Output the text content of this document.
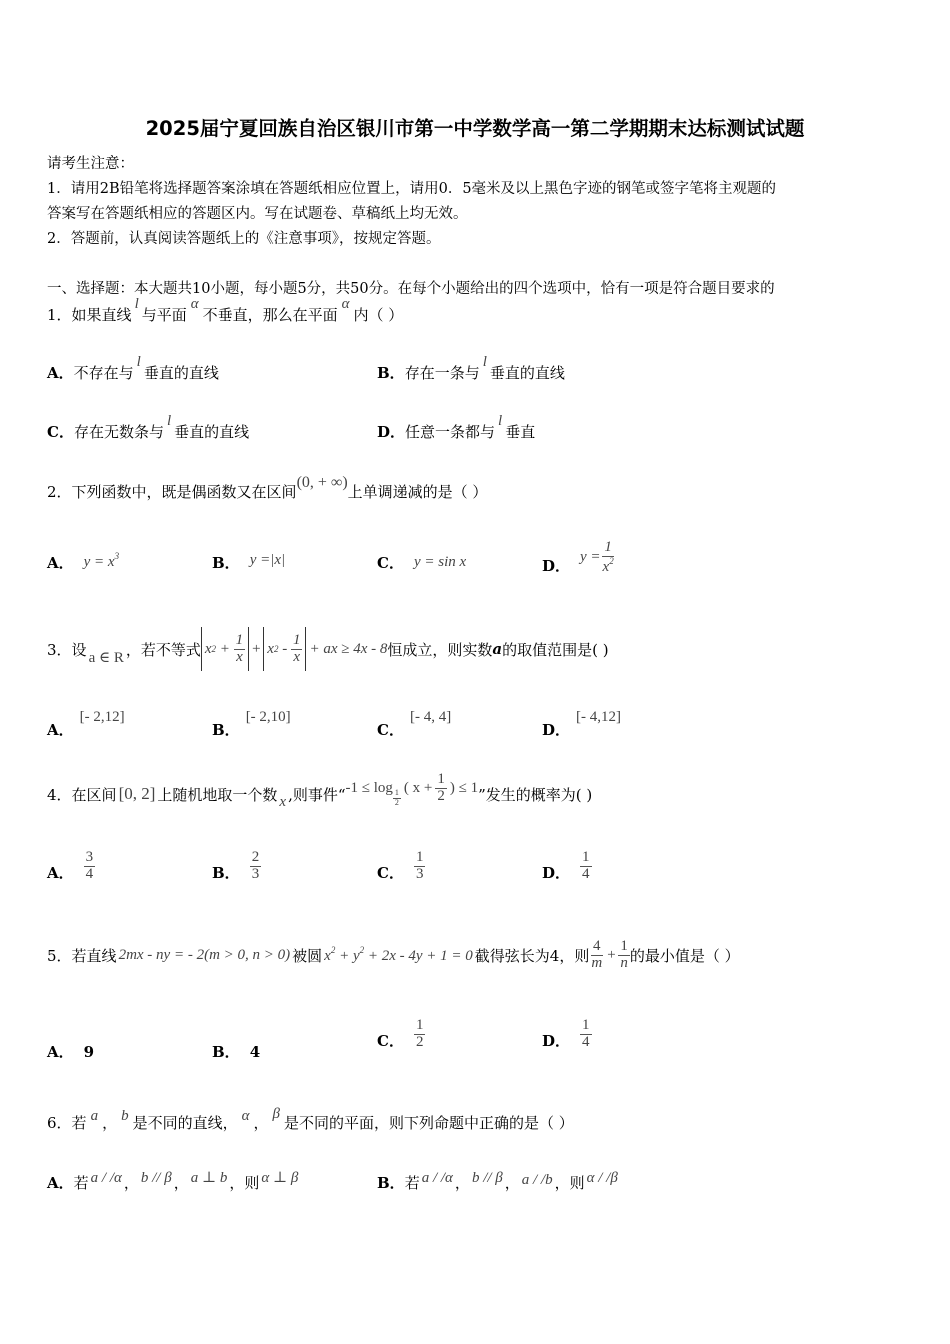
2025届宁夏回族自治区银川市第一中学数学高一第二学期期末达标测试试题
请考生注意：
1．请用2B铅笔将选择题答案涂填在答题纸相应位置上，请用0．5毫米及以上黑色字迹的钢笔或签字笔将主观题的
答案写在答题纸相应的答题区内。写在试题卷、草稿纸上均无效。
2．答题前，认真阅读答题纸上的《注意事项》，按规定答题。
一、选择题：本大题共10小题，每小题5分，共50分。在每个小题给出的四个选项中，恰有一项是符合题目要求的
1．如果直线l与平面α不垂直，那么在平面α内（ ）
A．不存在与l垂直的直线	B．存在一条与l垂直的直线
C．存在无数条与l垂直的直线	D．任意一条都与l垂直
2．下列函数中，既是偶函数又在区间(0, + ∞)上单调递减的是（ ）
A． $y = x^3$	B． y =|x|	C． y = sin x	D． $y = \frac{1}{x^2}$
3． 设 a ∈ R ，若不等式 x 2
+
$\frac{1}{x} + x$ 2
-
$\frac{1}{x}$ + ax ≥ 4x - 8 恒成立，则实数 a 的取值范围是( )
A．[- 2,12]
B．[- 2,10]
C．[- 4, 4]
D．[- 4,12]
4． 在区间 [0, 2] 上随机地取一个数 x ,则事件“ -1 ≤ log
$\frac{1}{2}$
( $x + \frac{1}{2}$ ) ≤ 1 ”发生的概率为( )
A． $\frac{3}{4}$	B． $\frac{2}{3}$	C． $\frac{1}{3}$	D． $\frac{1}{4}$
5． 若直线 2mx - ny = - 2(m > 0, n > 0) 被圆 $x^2 + y^2 + 2x - 4y + 1 = 0$ 截得弦长为4，则 $\frac{4}{m} + \frac{1}{n}$ 的最小值是（ ）
A． 9	B． 4
C． $\frac{1}{2}$	D． $\frac{1}{4}$
6．若 a ， b 是不同的直线， α ， β 是不同的平面，则下列命题中正确的是（ ）
A．若 a / /α ， b // β ， a ⊥ b ，则 α ⊥ β	B．若 a / /α ， b // β ， a / /b ，则 α / /β
